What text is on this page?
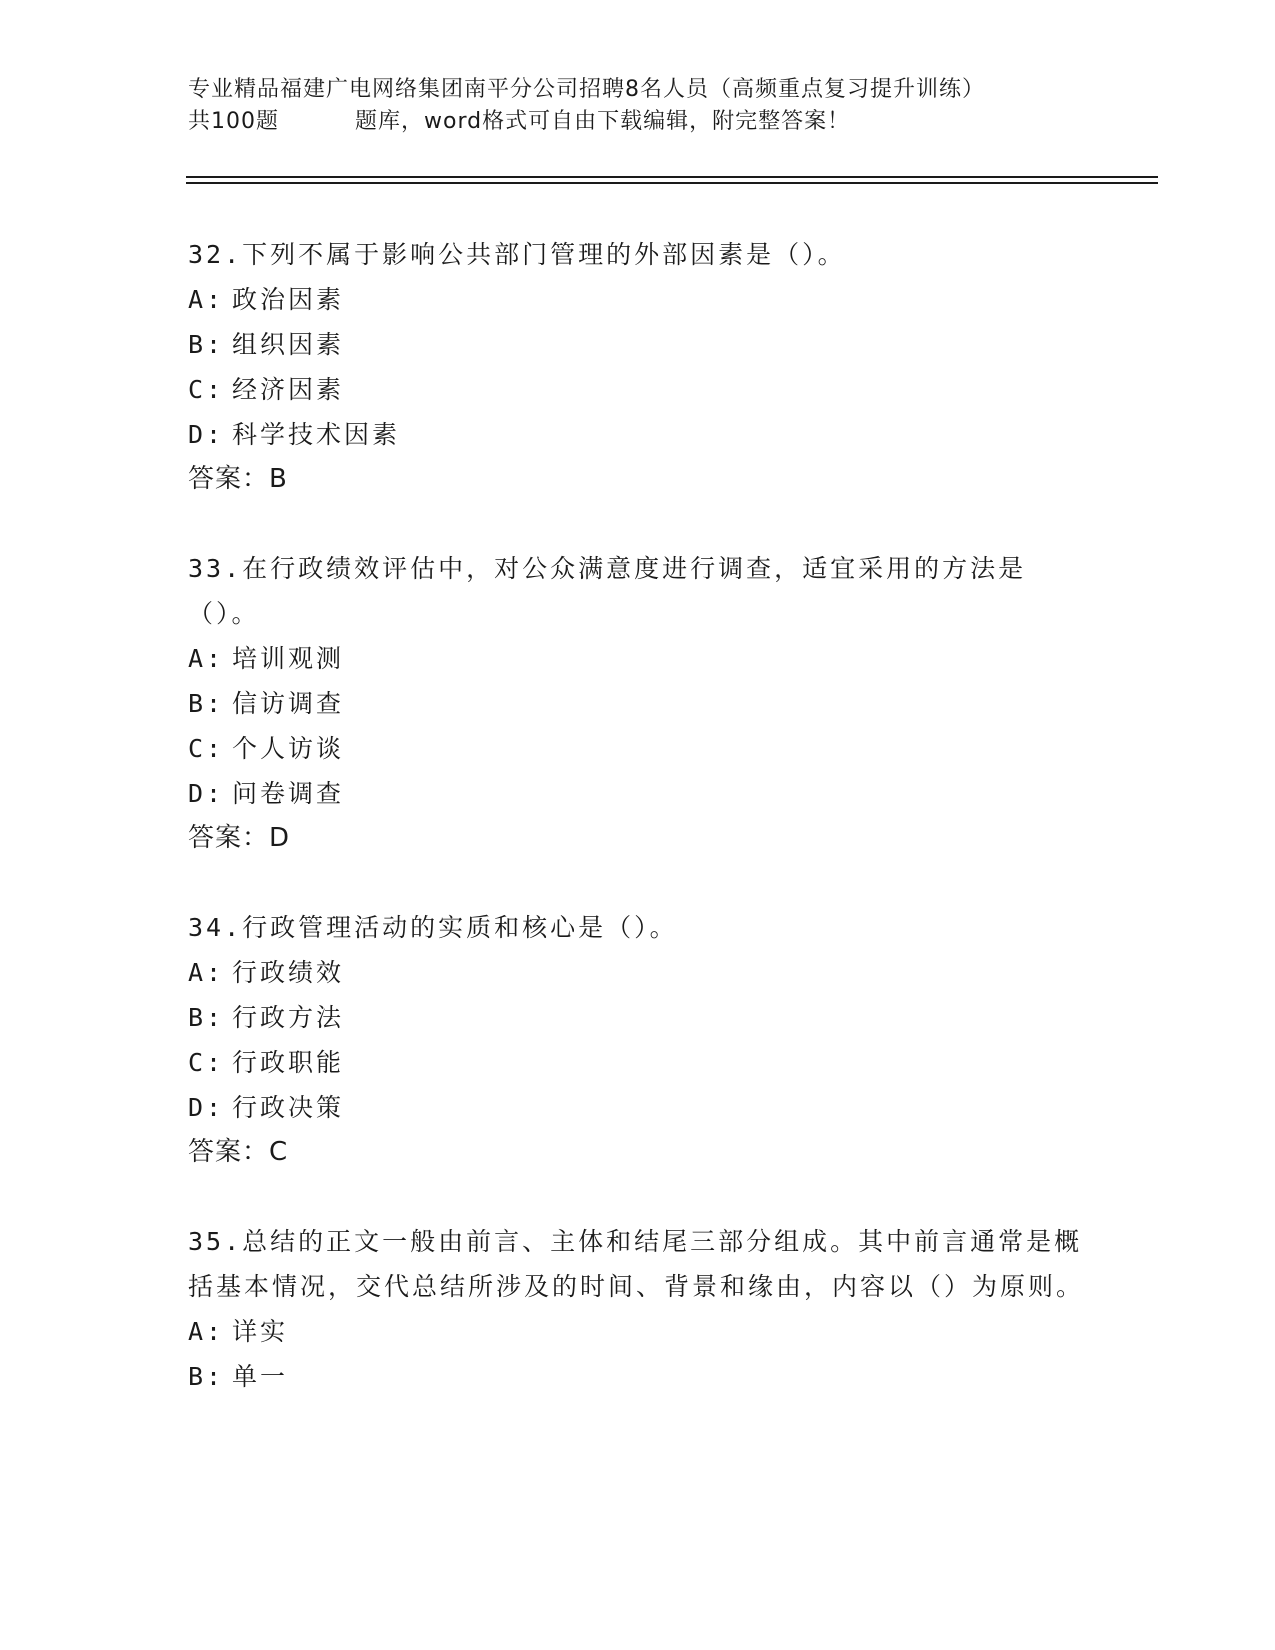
专业精品福建广电网络集团南平分公司招聘8名人员（高频重点复习提升训练）
共100题	题库，word格式可自由下载编辑，附完整答案！

32.下列不属于影响公共部门管理的外部因素是（）。

A: 政治因素

B: 组织因素

C: 经济因素

D: 科学技术因素

答案：B

33.在行政绩效评估中，对公众满意度进行调查，适宜采用的方法是（）。

A: 培训观测

B: 信访调查

C: 个人访谈

D: 问卷调查

答案：D

34.行政管理活动的实质和核心是（）。

A: 行政绩效

B: 行政方法

C: 行政职能

D: 行政决策

答案：C

35.总结的正文一般由前言、主体和结尾三部分组成。其中前言通常是概括基本情况，交代总结所涉及的时间、背景和缘由，内容以（）为原则。

A: 详实

B: 单一
